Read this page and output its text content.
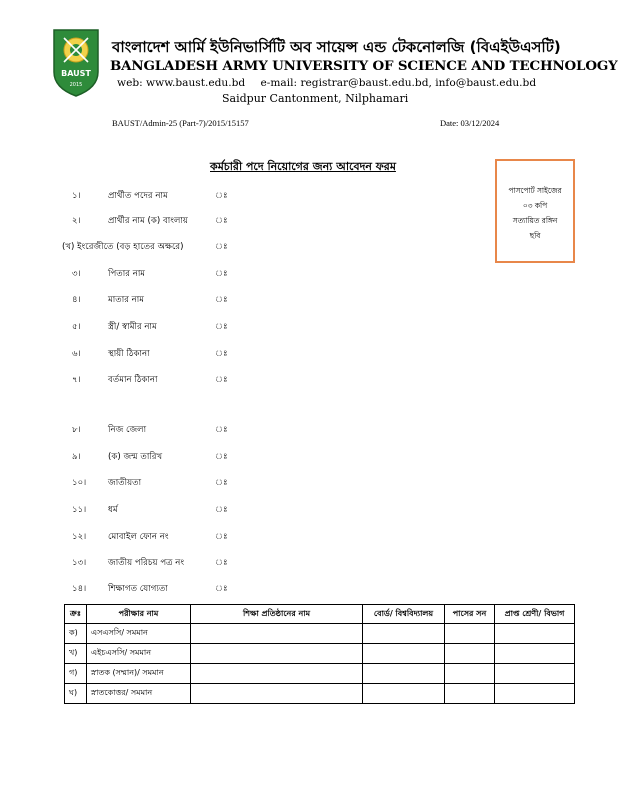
BAUST
2015
বাংলাদেশ আর্মি ইউনিভার্সিটি অব সায়েন্স এন্ড টেকনোলজি (বিএইউএসটি)
BANGLADESH ARMY UNIVERSITY OF SCIENCE AND TECHNOLOGY
web: www.baust.edu.bd e-mail: registrar@baust.edu.bd, info@baust.edu.bd
Saidpur Cantonment, Nilphamari
BAUST/Admin-25 (Part-7)/2015/15157	Date: 03/12/2024
কর্মচারী পদে নিয়োগের জন্য আবেদন ফরম
পাসপোর্ট সাইজের
০৩ কপি
সত্যায়িত রঙ্গিন
ছবি
১।	প্রার্থীত পদের নাম	ঃ
২।	প্রার্থীর নাম (ক) বাংলায়	ঃ
(খ) ইংরেজীতে (বড় হাতের অক্ষরে)	ঃ
৩।	পিতার নাম	ঃ
৪।	মাতার নাম	ঃ
৫।	স্ত্রী/ স্বামীর নাম	ঃ
৬।	স্থায়ী ঠিকানা	ঃ
৭।	বর্তমান ঠিকানা	ঃ
৮।	নিজ জেলা	ঃ
৯।	(ক) জন্ম তারিখ	ঃ
১০।	জাতীয়তা	ঃ
১১।	ধর্ম	ঃ
১২।	মোবাইল ফোন নং	ঃ
১৩।	জাতীয় পরিচয় পত্র নং	ঃ
১৪।	শিক্ষাগত যোগ্যতা	ঃ
ক্রঃ	পরীক্ষার নাম	শিক্ষা প্রতিষ্ঠানের নাম	বোর্ড/ বিশ্ববিদ্যালয়	পাসের সন	প্রাপ্ত শ্রেণী/ বিভাগ
ক)	এসএসসি/ সমমান				
খ)	এইচএসসি/ সমমান				
গ)	স্নাতক (সম্মান)/ সমমান				
ঘ)	স্নাতকোত্তর/ সমমান				
